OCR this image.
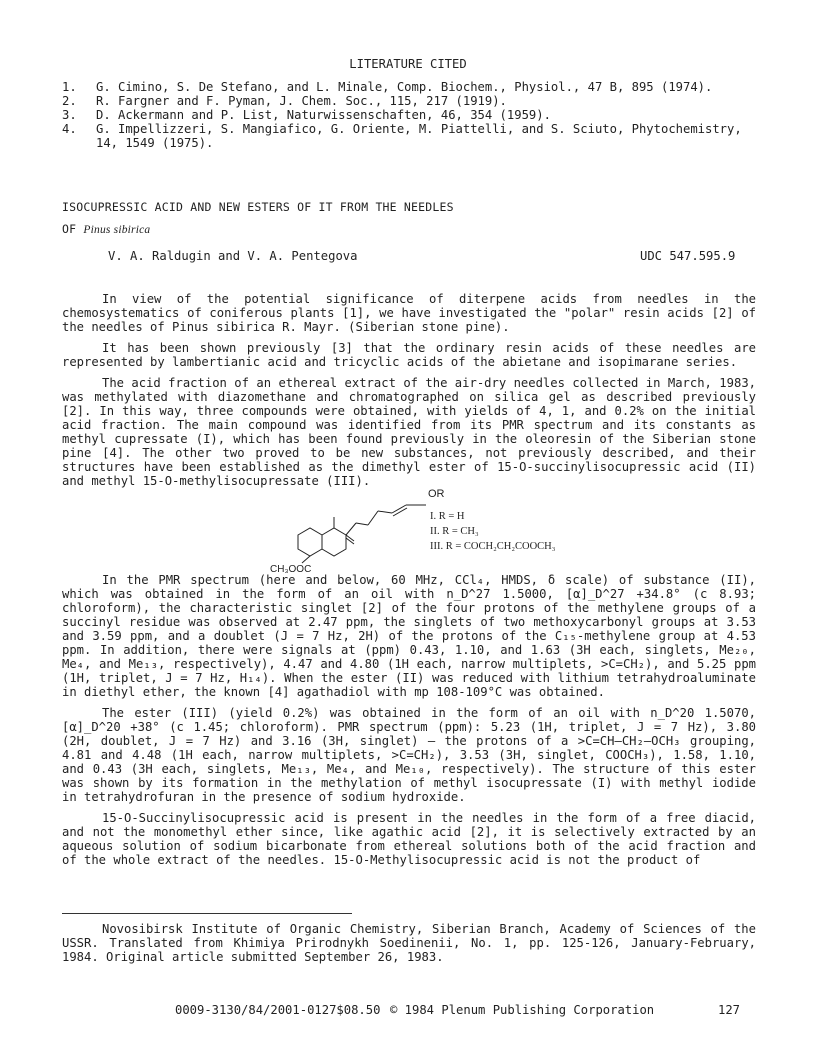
LITERATURE CITED
1.	G. Cimino, S. De Stefano, and L. Minale, Comp. Biochem., Physiol., 47 B, 895 (1974).
2.	R. Fargner and F. Pyman, J. Chem. Soc., 115, 217 (1919).
3.	D. Ackermann and P. List, Naturwissenschaften, 46, 354 (1959).
4.	G. Impellizzeri, S. Mangiafico, G. Oriente, M. Piattelli, and S. Sciuto, Phytochemistry, 14, 1549 (1975).
ISOCUPRESSIC ACID AND NEW ESTERS OF IT FROM THE NEEDLES
OF Pinus sibirica
V. A. Raldugin and V. A. Pentegova	UDC 547.595.9

In view of the potential significance of diterpene acids from needles in the chemosystematics of coniferous plants [1], we have investigated the "polar" resin acids [2] of the needles of Pinus sibirica R. Mayr. (Siberian stone pine).

It has been shown previously [3] that the ordinary resin acids of these needles are represented by lambertianic acid and tricyclic acids of the abietane and isopimarane series.

The acid fraction of an ethereal extract of the air-dry needles collected in March, 1983, was methylated with diazomethane and chromatographed on silica gel as described previously [2]. In this way, three compounds were obtained, with yields of 4, 1, and 0.2% on the initial acid fraction. The main compound was identified from its PMR spectrum and its constants as methyl cupressate (I), which has been found previously in the oleoresin of the Siberian stone pine [4]. The other two proved to be new substances, not previously described, and their structures have been established as the dimethyl ester of 15-O-succinylisocupressic acid (II) and methyl 15-O-methylisocupressate (III).

OR
I. R = H
II. R = CH₃
III. R = COCH₂CH₂COOCH₃
CH₃OOC

In the PMR spectrum (here and below, 60 MHz, CCl₄, HMDS, δ scale) of substance (II), which was obtained in the form of an oil with n_D^27 1.5000, [α]_D^27 +34.8° (c 8.93; chloroform), the characteristic singlet [2] of the four protons of the methylene groups of a succinyl residue was observed at 2.47 ppm, the singlets of two methoxycarbonyl groups at 3.53 and 3.59 ppm, and a doublet (J = 7 Hz, 2H) of the protons of the C₁₅-methylene group at 4.53 ppm. In addition, there were signals at (ppm) 0.43, 1.10, and 1.63 (3H each, singlets, Me₂₀, Me₄, and Me₁₃, respectively), 4.47 and 4.80 (1H each, narrow multiplets, >C=CH₂), and 5.25 ppm (1H, triplet, J = 7 Hz, H₁₄). When the ester (II) was reduced with lithium tetrahydroaluminate in diethyl ether, the known [4] agathadiol with mp 108-109°C was obtained.

The ester (III) (yield 0.2%) was obtained in the form of an oil with n_D^20 1.5070, [α]_D^20 +38° (c 1.45; chloroform). PMR spectrum (ppm): 5.23 (1H, triplet, J = 7 Hz), 3.80 (2H, doublet, J = 7 Hz) and 3.16 (3H, singlet) – the protons of a >C=CH–CH₂–OCH₃ grouping, 4.81 and 4.48 (1H each, narrow multiplets, >C=CH₂), 3.53 (3H, singlet, COOCH₃), 1.58, 1.10, and 0.43 (3H each, singlets, Me₁₃, Me₄, and Me₁₀, respectively). The structure of this ester was shown by its formation in the methylation of methyl isocupressate (I) with methyl iodide in tetrahydrofuran in the presence of sodium hydroxide.

15-O-Succinylisocupressic acid is present in the needles in the form of a free diacid, and not the monomethyl ether since, like agathic acid [2], it is selectively extracted by an aqueous solution of sodium bicarbonate from ethereal solutions both of the acid fraction and of the whole extract of the needles. 15-O-Methylisocupressic acid is not the product of

Novosibirsk Institute of Organic Chemistry, Siberian Branch, Academy of Sciences of the USSR. Translated from Khimiya Prirodnykh Soedinenii, No. 1, pp. 125-126, January-February, 1984. Original article submitted September 26, 1983.

0009-3130/84/2001-0127$08.50 © 1984 Plenum Publishing Corporation	127
